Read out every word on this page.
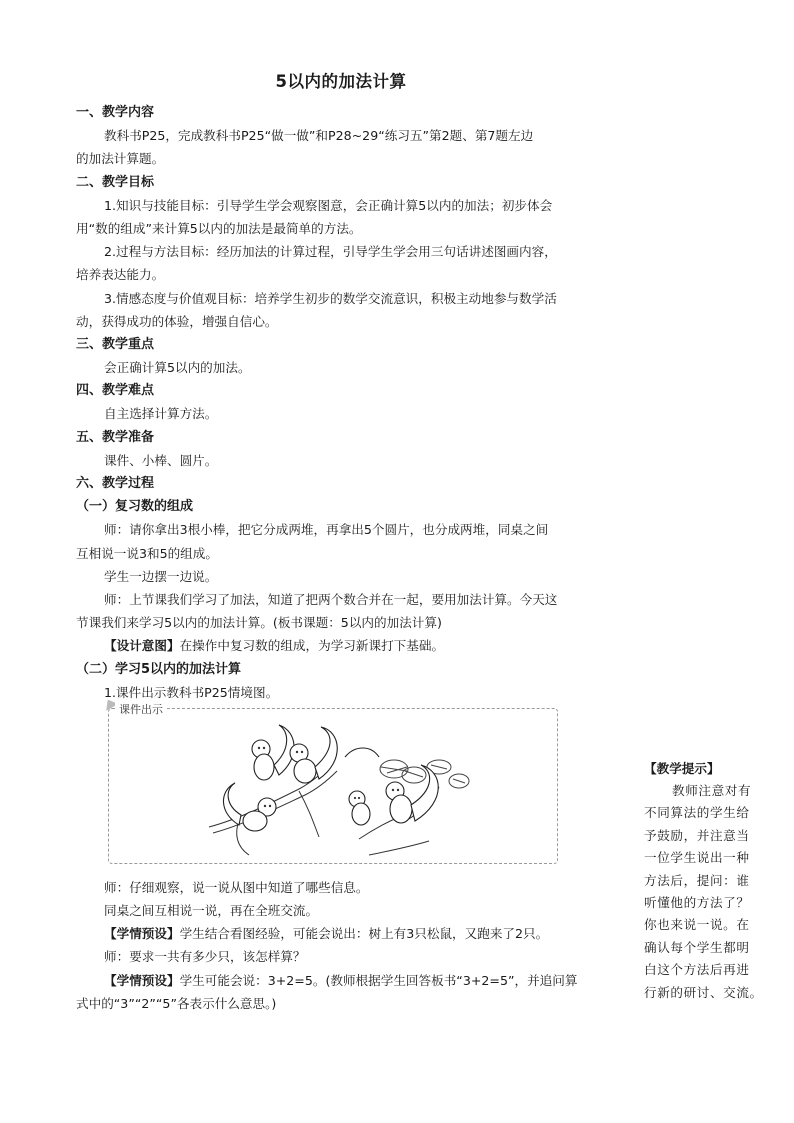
5以内的加法计算
一、教学内容
教科书P25，完成教科书P25“做一做”和P28~29“练习五”第2题、第7题左边
的加法计算题。
二、教学目标
1.知识与技能目标：引导学生学会观察图意，会正确计算5以内的加法；初步体会
用“数的组成”来计算5以内的加法是最简单的方法。
2.过程与方法目标：经历加法的计算过程，引导学生学会用三句话讲述图画内容，
培养表达能力。
3.情感态度与价值观目标：培养学生初步的数学交流意识，积极主动地参与数学活
动，获得成功的体验，增强自信心。
三、教学重点
会正确计算5以内的加法。
四、教学难点
自主选择计算方法。
五、教学准备
课件、小棒、圆片。
六、教学过程
（一）复习数的组成
师：请你拿出3根小棒，把它分成两堆，再拿出5个圆片，也分成两堆，同桌之间
互相说一说3和5的组成。
学生一边摆一边说。
师：上节课我们学习了加法，知道了把两个数合并在一起，要用加法计算。今天这
节课我们来学习5以内的加法计算。(板书课题：5以内的加法计算)
【设计意图】在操作中复习数的组成，为学习新课打下基础。
（二）学习5以内的加法计算
1.课件出示教科书P25情境图。
课件出示
师：仔细观察，说一说从图中知道了哪些信息。
同桌之间互相说一说，再在全班交流。
【学情预设】学生结合看图经验，可能会说出：树上有3只松鼠，又跑来了2只。
师：要求一共有多少只，该怎样算？
【学情预设】学生可能会说：3+2=5。(教师根据学生回答板书“3+2=5”，并追问算
式中的“3”“2”“5”各表示什么意思。)
【教学提示】
教师注意对有
不同算法的学生给
予鼓励，并注意当
一位学生说出一种
方法后，提问：谁
听懂他的方法了？
你也来说一说。在
确认每个学生都明
白这个方法后再进
行新的研讨、交流。
